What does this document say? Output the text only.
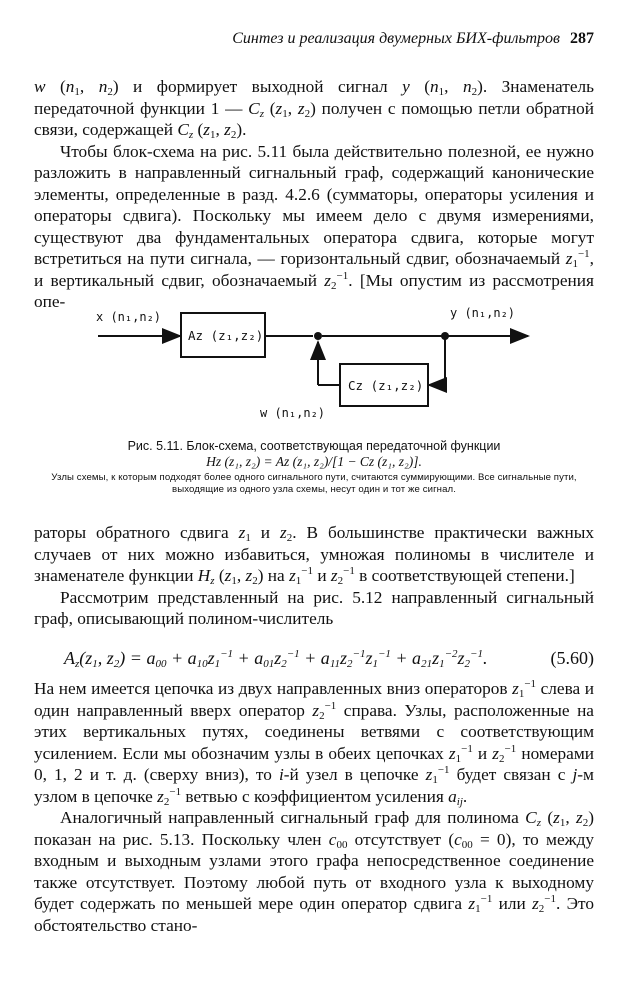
Синтез и реализация двумерных БИХ-фильтров 287

w ($n_1$, $n_2$) и формирует выходной сигнал y ($n_1$, $n_2$). Знаменатель передаточной функции 1 — $C_z$ ($z_1$, $z_2$) получен с помощью петли обратной связи, содержащей $C_z$ ($z_1$, $z_2$).

Чтобы блок-схема на рис. 5.11 была действительно полезной, ее нужно разложить в направленный сигнальный граф, содержащий канонические элементы, определенные в разд. 4.2.6 (сумматоры, операторы усиления и операторы сдвига). Поскольку мы имеем дело с двумя измерениями, существуют два фундаментальных оператора сдвига, которые могут встретиться на пути сигнала, — горизонтальный сдвиг, обозначаемый $z_1^{-1}$, и вертикальный сдвиг, обозначаемый $z_2^{-1}$. [Мы опустим из рассмотрения опе-

x (n₁,n₂)
Az (z₁,z₂)
y (n₁,n₂)
Cz (z₁,z₂)
w (n₁,n₂)
Рис. 5.11. Блок-схема, соответствующая передаточной функции
Hz (z₁, z₂) = Az (z₁, z₂)/[1 − Cz (z₁, z₂)].
Узлы схемы, к которым подходят более одного сигнального пути, считаются суммирующими. Все сигнальные пути, выходящие из одного узла схемы, несут один и тот же сигнал.

раторы обратного сдвига $z_1$ и $z_2$. В большинстве практически важных случаев от них можно избавиться, умножая полиномы в числителе и знаменателе функции $H_z$ ($z_1$, $z_2$) на $z_1^{-1}$ и $z_2^{-1}$ в соответствующей степени.]

Рассмотрим представленный на рис. 5.12 направленный сигнальный граф, описывающий полином-числитель

$A_z(z_1$, $z_2) = a_{00} + a_{10}z_1^{-1} + a_{01}z_2^{-1} + a_{11}z_2^{-1}z_1^{-1} + a_{21}z_1^{-2}z_2^{-1}$.	(5.60)

На нем имеется цепочка из двух направленных вниз операторов $z_1^{-1}$ слева и один направленный вверх оператор $z_2^{-1}$ справа. Узлы, расположенные на этих вертикальных путях, соединены ветвями с соответствующим усилением. Если мы обозначим узлы в обеих цепочках $z_1^{-1}$ и $z_2^{-1}$ номерами 0, 1, 2 и т. д. (сверху вниз), то i-й узел в цепочке $z_1^{-1}$ будет связан с j-м узлом в цепочке $z_2^{-1}$ ветвью с коэффициентом усиления $a_{ij}$.

Аналогичный направленный сигнальный граф для полинома $C_z$ ($z_1$, $z_2$) показан на рис. 5.13. Поскольку член $c_{00}$ отсутствует $(c_{00} = 0)$, то между входным и выходным узлами этого графа непосредственное соединение также отсутствует. Поэтому любой путь от входного узла к выходному будет содержать по меньшей мере один оператор сдвига $z_1^{-1}$ или $z_2^{-1}$. Это обстоятельство стано-
